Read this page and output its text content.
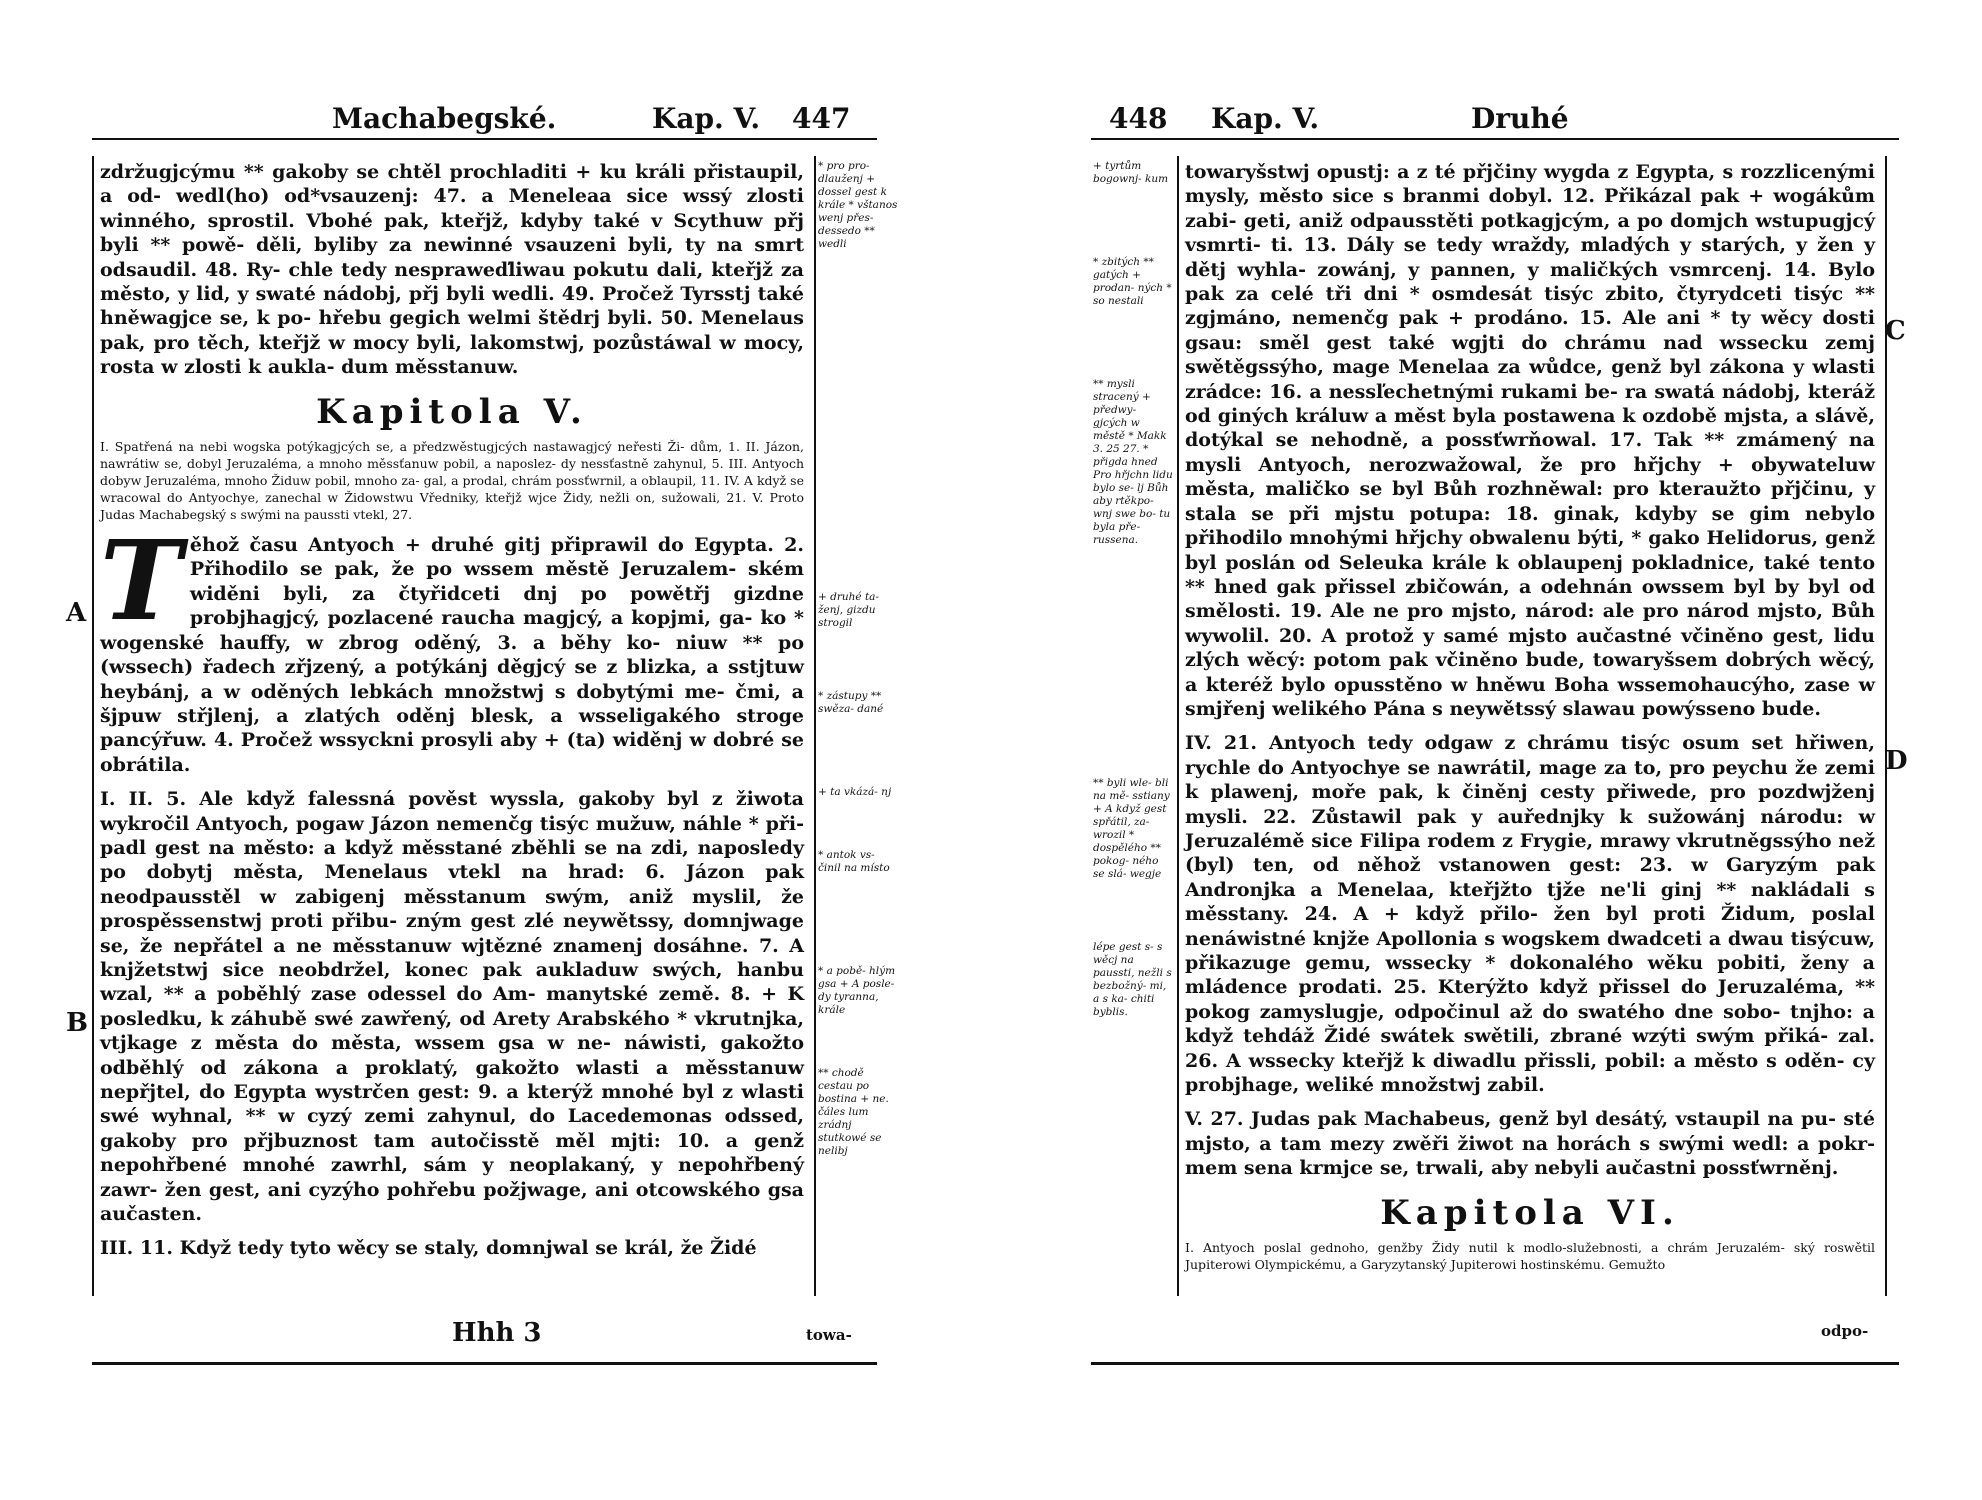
Machabegské.	Kap. V. 447

zdržugjcýmu ** gakoby se chtěl prochladiti + ku králi přistaupil, a od- wedl(ho) od*vsauzenj: 47. a Meneleaa sice wssý zlosti winného, sprostil. Vbohé pak, kteřjž, kdyby také v Scythuw přj byli ** powě- děli, byliby za newinné vsauzeni byli, ty na smrt odsaudil. 48. Ry- chle tedy nespraweďliwau pokutu dali, kteřjž za město, y lid, y swaté nádobj, přj byli wedli. 49. Pročež Tyrsstj také hněwagjce se, k po- hřebu gegich welmi štědrj byli. 50. Menelaus pak, pro těch, kteřjž w mocy byli, lakomstwj, pozůstáwal w mocy, rosta w zlosti k aukla- dum měsstanuw.

Kapitola V.

I. Spatřená na nebi wogska potýkagjcých se, a předzwěstugjcých nastawagjcý neřesti Ži- dům, 1. II. Jázon, nawrátiw se, dobyl Jeruzaléma, a mnoho měssťanuw pobil, a naposlez- dy nessťastně zahynul, 5. III. Antyoch dobyw Jeruzaléma, mnoho Židuw pobil, mnoho za- gal, a prodal, chrám possťwrnil, a oblaupil, 11. IV. A když se wracowal do Antyochye, zanechal w Židowstwu Vředniky, kteřjž wjce Židy, nežli on, sužowali, 21. V. Proto Judas Machabegský s swými na paussti vtekl, 27.

Těhož času Antyoch + druhé gitj připrawil do Egypta. 2. Přihodilo se pak, že po wssem městě Jeruzalem- ském widěni byli, za čtyřidceti dnj po powětřj gizdne probjhagjcý, pozlacené raucha magjcý, a kopjmi, ga- ko * wogenské hauffy, w zbrog oděný, 3. a běhy ko- niuw ** po (wssech) řadech zřjzený, a potýkánj děgjcý se z blizka, a sstjtuw heybánj, a w oděných lebkách množstwj s dobytými me- čmi, a šjpuw střjlenj, a zlatých oděnj blesk, a wsseligakého stroge pancýřuw. 4. Pročež wssyckni prosyli aby + (ta) widěnj w dobré se obrátila.

I. II. 5. Ale když falessná pověst wyssla, gakoby byl z žiwota wykročil Antyoch, pogaw Jázon nemenčg tisýc mužuw, náhle * při- padl gest na město: a když měsstané zběhli se na zdi, naposledy po dobytj města, Menelaus vtekl na hrad: 6. Jázon pak neodpausstěl w zabigenj měsstanum swým, aniž myslil, že prospěssenstwj proti přibu- zným gest zlé neywětssy, domnjwage se, že nepřátel a ne měsstanuw wjtězné znamenj dosáhne. 7. A knjžetstwj sice neobdržel, konec pak aukladuw swých, hanbu wzal, ** a poběhlý zase odessel do Am- manytské země. 8. + K posledku, k záhubě swé zawřený, od Arety Arabského * vkrutnjka, vtjkage z města do města, wssem gsa w ne- náwisti, gakožto odběhlý od zákona a proklatý, gakožto wlasti a měsstanuw nepřjtel, do Egypta wystrčen gest: 9. a kterýž mnohé byl z wlasti swé wyhnal, ** w cyzý zemi zahynul, do Lacedemonas odssed, gakoby pro přjbuznost tam autočisstě měl mjti: 10. a genž nepohřbené mnohé zawrhl, sám y neoplakaný, y nepohřbený zawr- žen gest, ani cyzýho pohřebu požjwage, ani otcowského gsa aučasten.

III. 11. Když tedy tyto wěcy se staly, domnjwal se král, že Židé

* pro pro- dlauženj + dossel gest k krále * vštanos wenj přes- dessedo ** wedli
+ druhé ta- ženj, gizdu strogil
* zástupy ** swěza- dané
+ ta vkázá- nj
* antok vs- činil na místo
* a pobě- hlým gsa + A posle- dy tyranna, krále
** chodě cestau po bostina + ne. čáles lum zrádnj stutkowé se nelibj
A
B
Hhh 3	towa-
448 Kap. V.	Druhé
+ tyrtům bogownj- kum
* zbitých ** gatých + prodan- ných * so nestali
** mysli stracený + předwy- gjcých w městě * Makk 3. 25 27. * přigda hned Pro hřjchn lidu bylo se- lj Bůh aby rtěkpo- wnj swe bo- tu byla pře- russena.
** byli wle- bli na mě- sstiany + A když gest spřátil, za- wrozil * dospělého ** pokog- ného se slá- wegje
lépe gest s- s wěcj na paussti, nežli s bezbožný- mi, a s ka- chiti byblis.

towaryšstwj opustj: a z té přjčiny wygda z Egypta, s rozzlicenými mysly, město sice s branmi dobyl. 12. Přikázal pak + wogákům zabi- geti, aniž odpausstěti potkagjcým, a po domjch wstupugjcý vsmrti- ti. 13. Dály se tedy wraždy, mladých y starých, y žen y dětj wyhla- zowánj, y pannen, y maličkých vsmrcenj. 14. Bylo pak za celé tři dni * osmdesát tisýc zbito, čtyrydceti tisýc ** zgjmáno, nemenčg pak + prodáno. 15. Ale ani * ty wěcy dosti gsau: směl gest také wgjti do chrámu nad wssecku zemj swětěgssýho, mage Menelaa za wůdce, genž byl zákona y wlasti zrádce: 16. a nessľechetnými rukami be- ra swatá nádobj, kteráž od giných králuw a měst byla postawena k ozdobě mjsta, a slávě, dotýkal se nehodně, a possťwrňowal. 17. Tak ** zmámený na mysli Antyoch, nerozwažowal, že pro hřjchy + obywateluw města, maličko se byl Bůh rozhněwal: pro kteraužto přjčinu, y stala se při mjstu potupa: 18. ginak, kdyby se gim nebylo přihodilo mnohými hřjchy obwalenu býti, * gako Helidorus, genž byl poslán od Seleuka krále k oblaupenj pokladnice, také tento ** hned gak přissel zbičowán, a odehnán owssem byl by byl od smělosti. 19. Ale ne pro mjsto, národ: ale pro národ mjsto, Bůh wywolil. 20. A protož y samé mjsto aučastné včiněno gest, lidu zlých wěcý: potom pak včiněno bude, towaryšsem dobrých wěcý, a kteréž bylo opusstěno w hněwu Boha wssemohaucýho, zase w smjřenj welikého Pána s neywětssý slawau powýsseno bude.

IV. 21. Antyoch tedy odgaw z chrámu tisýc osum set hřiwen, rychle do Antyochye se nawrátil, mage za to, pro peychu že zemi k plawenj, moře pak, k činěnj cesty přiwede, pro pozdwjženj mysli. 22. Zůstawil pak y auřednjky k sužowánj národu: w Jeruzalémě sice Filipa rodem z Frygie, mrawy vkrutněgssýho než (byl) ten, od něhož vstanowen gest: 23. w Garyzým pak Andronjka a Menelaa, kteřjžto tjže ne'li ginj ** nakládali s měsstany. 24. A + když přilo- žen byl proti Židum, poslal nenáwistné knjže Apollonia s wogskem dwadceti a dwau tisýcuw, přikazuge gemu, wssecky * dokonalého wěku pobiti, ženy a mládence prodati. 25. Kterýžto když přissel do Jeruzaléma, ** pokog zamyslugje, odpočinul až do swatého dne sobo- tnjho: a když tehdáž Židé swátek swětili, zbrané wzýti swým přiká- zal. 26. A wssecky kteřjž k diwadlu přissli, pobil: a město s oděn- cy probjhage, weliké množstwj zabil.

V. 27. Judas pak Machabeus, genž byl desátý, vstaupil na pu- sté mjsto, a tam mezy zwěři žiwot na horách s swými wedl: a pokr- mem sena krmjce se, trwali, aby nebyli aučastni possťwrněnj.

Kapitola VI.

I. Antyoch poslal gednoho, genžby Židy nutil k modlo-služebnosti, a chrám Jeruzalém- ský roswětil Jupiterowi Olympickému, a Garyzytanský Jupiterowi hostinskému. Gemužto

C
D
odpo-
